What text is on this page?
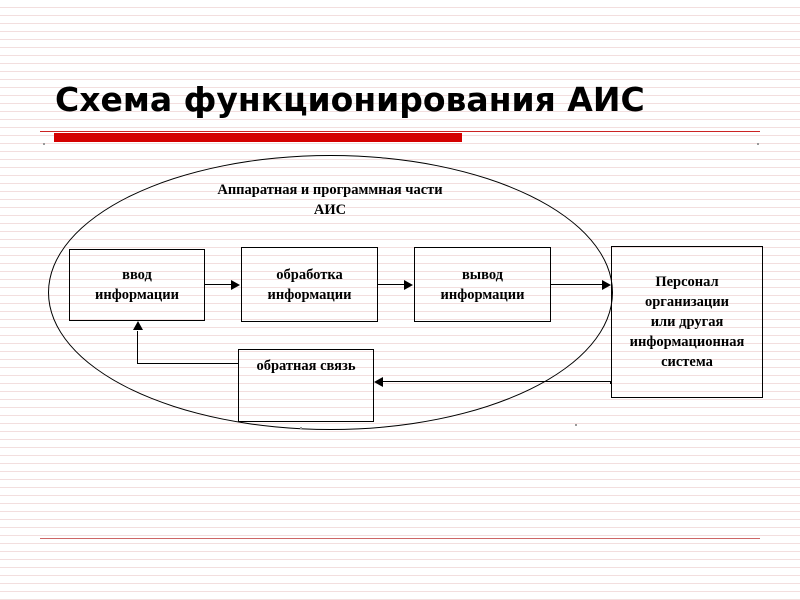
Схема функционирования АИС
Аппаратная и программная части
АИС
ввод
информации
обработка
информации
вывод
информации
обратная связь
Персонал
организации
или другая
информационная
система
